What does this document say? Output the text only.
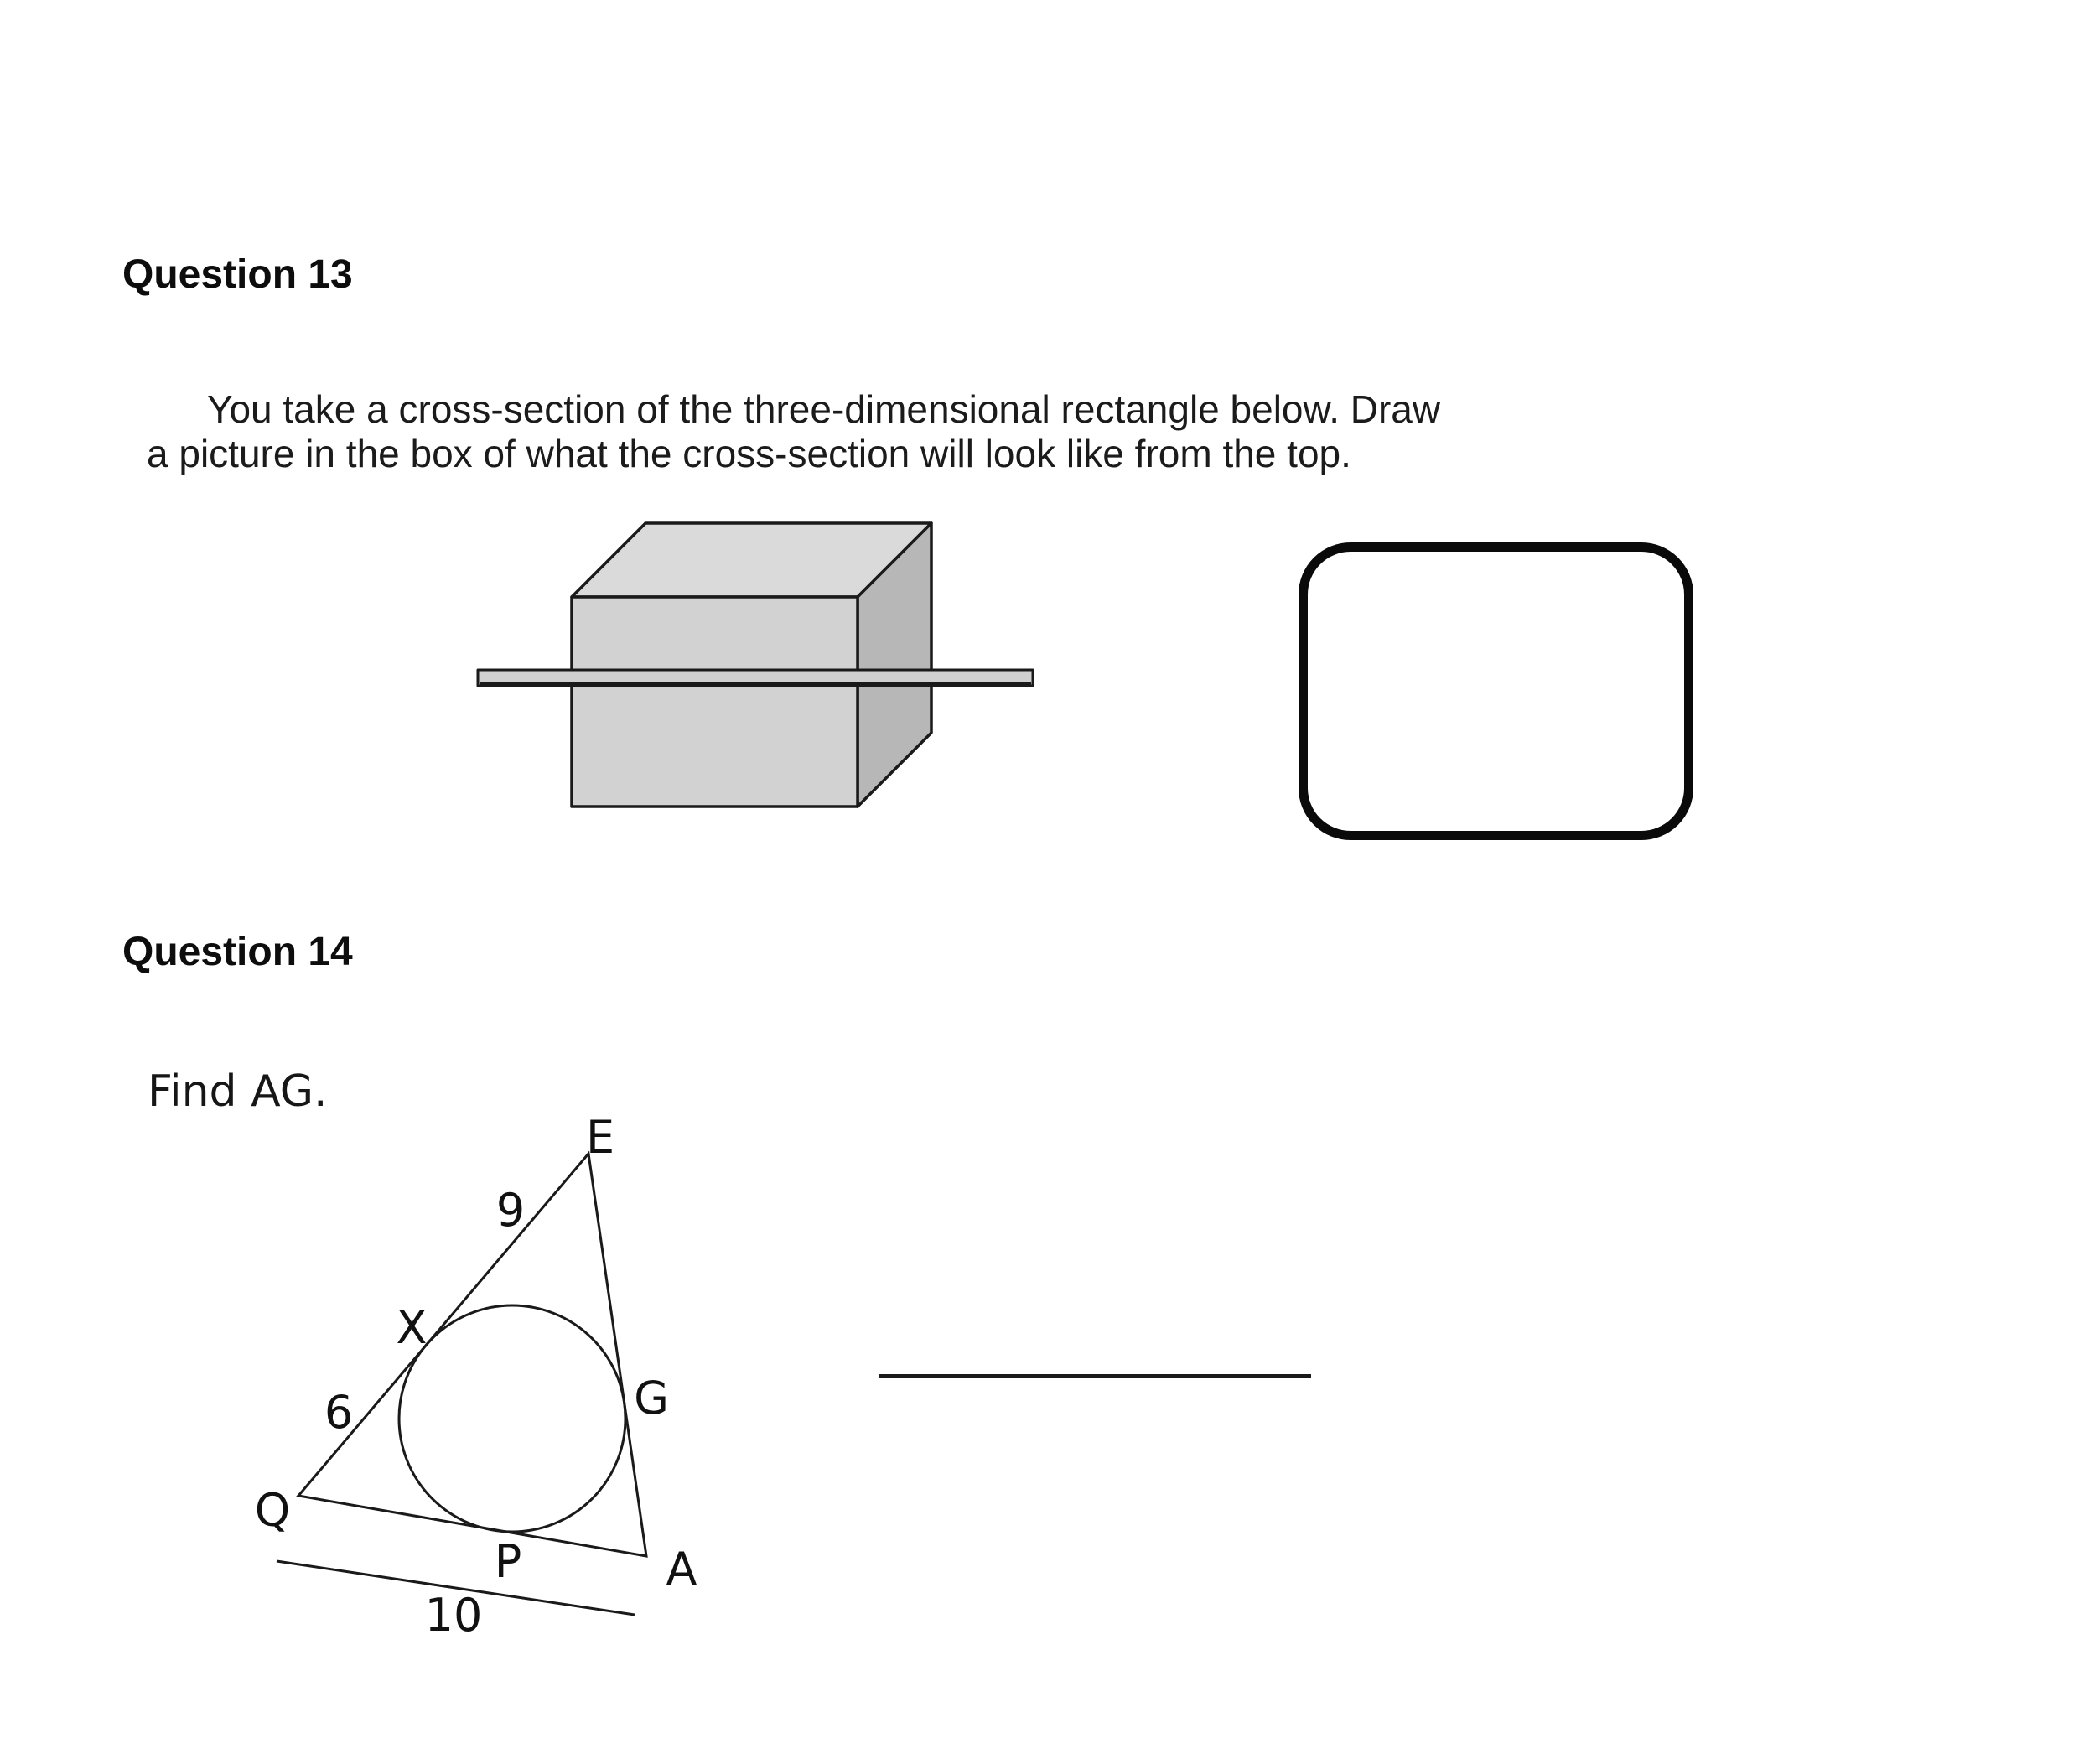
Question 13
You take a cross-section of the three-dimensional rectangle below. Draw
a picture in the box of what the cross-section will look like from the top.
Question 14
Find AG.
E
9
X
6
Q
G
P	A
10
